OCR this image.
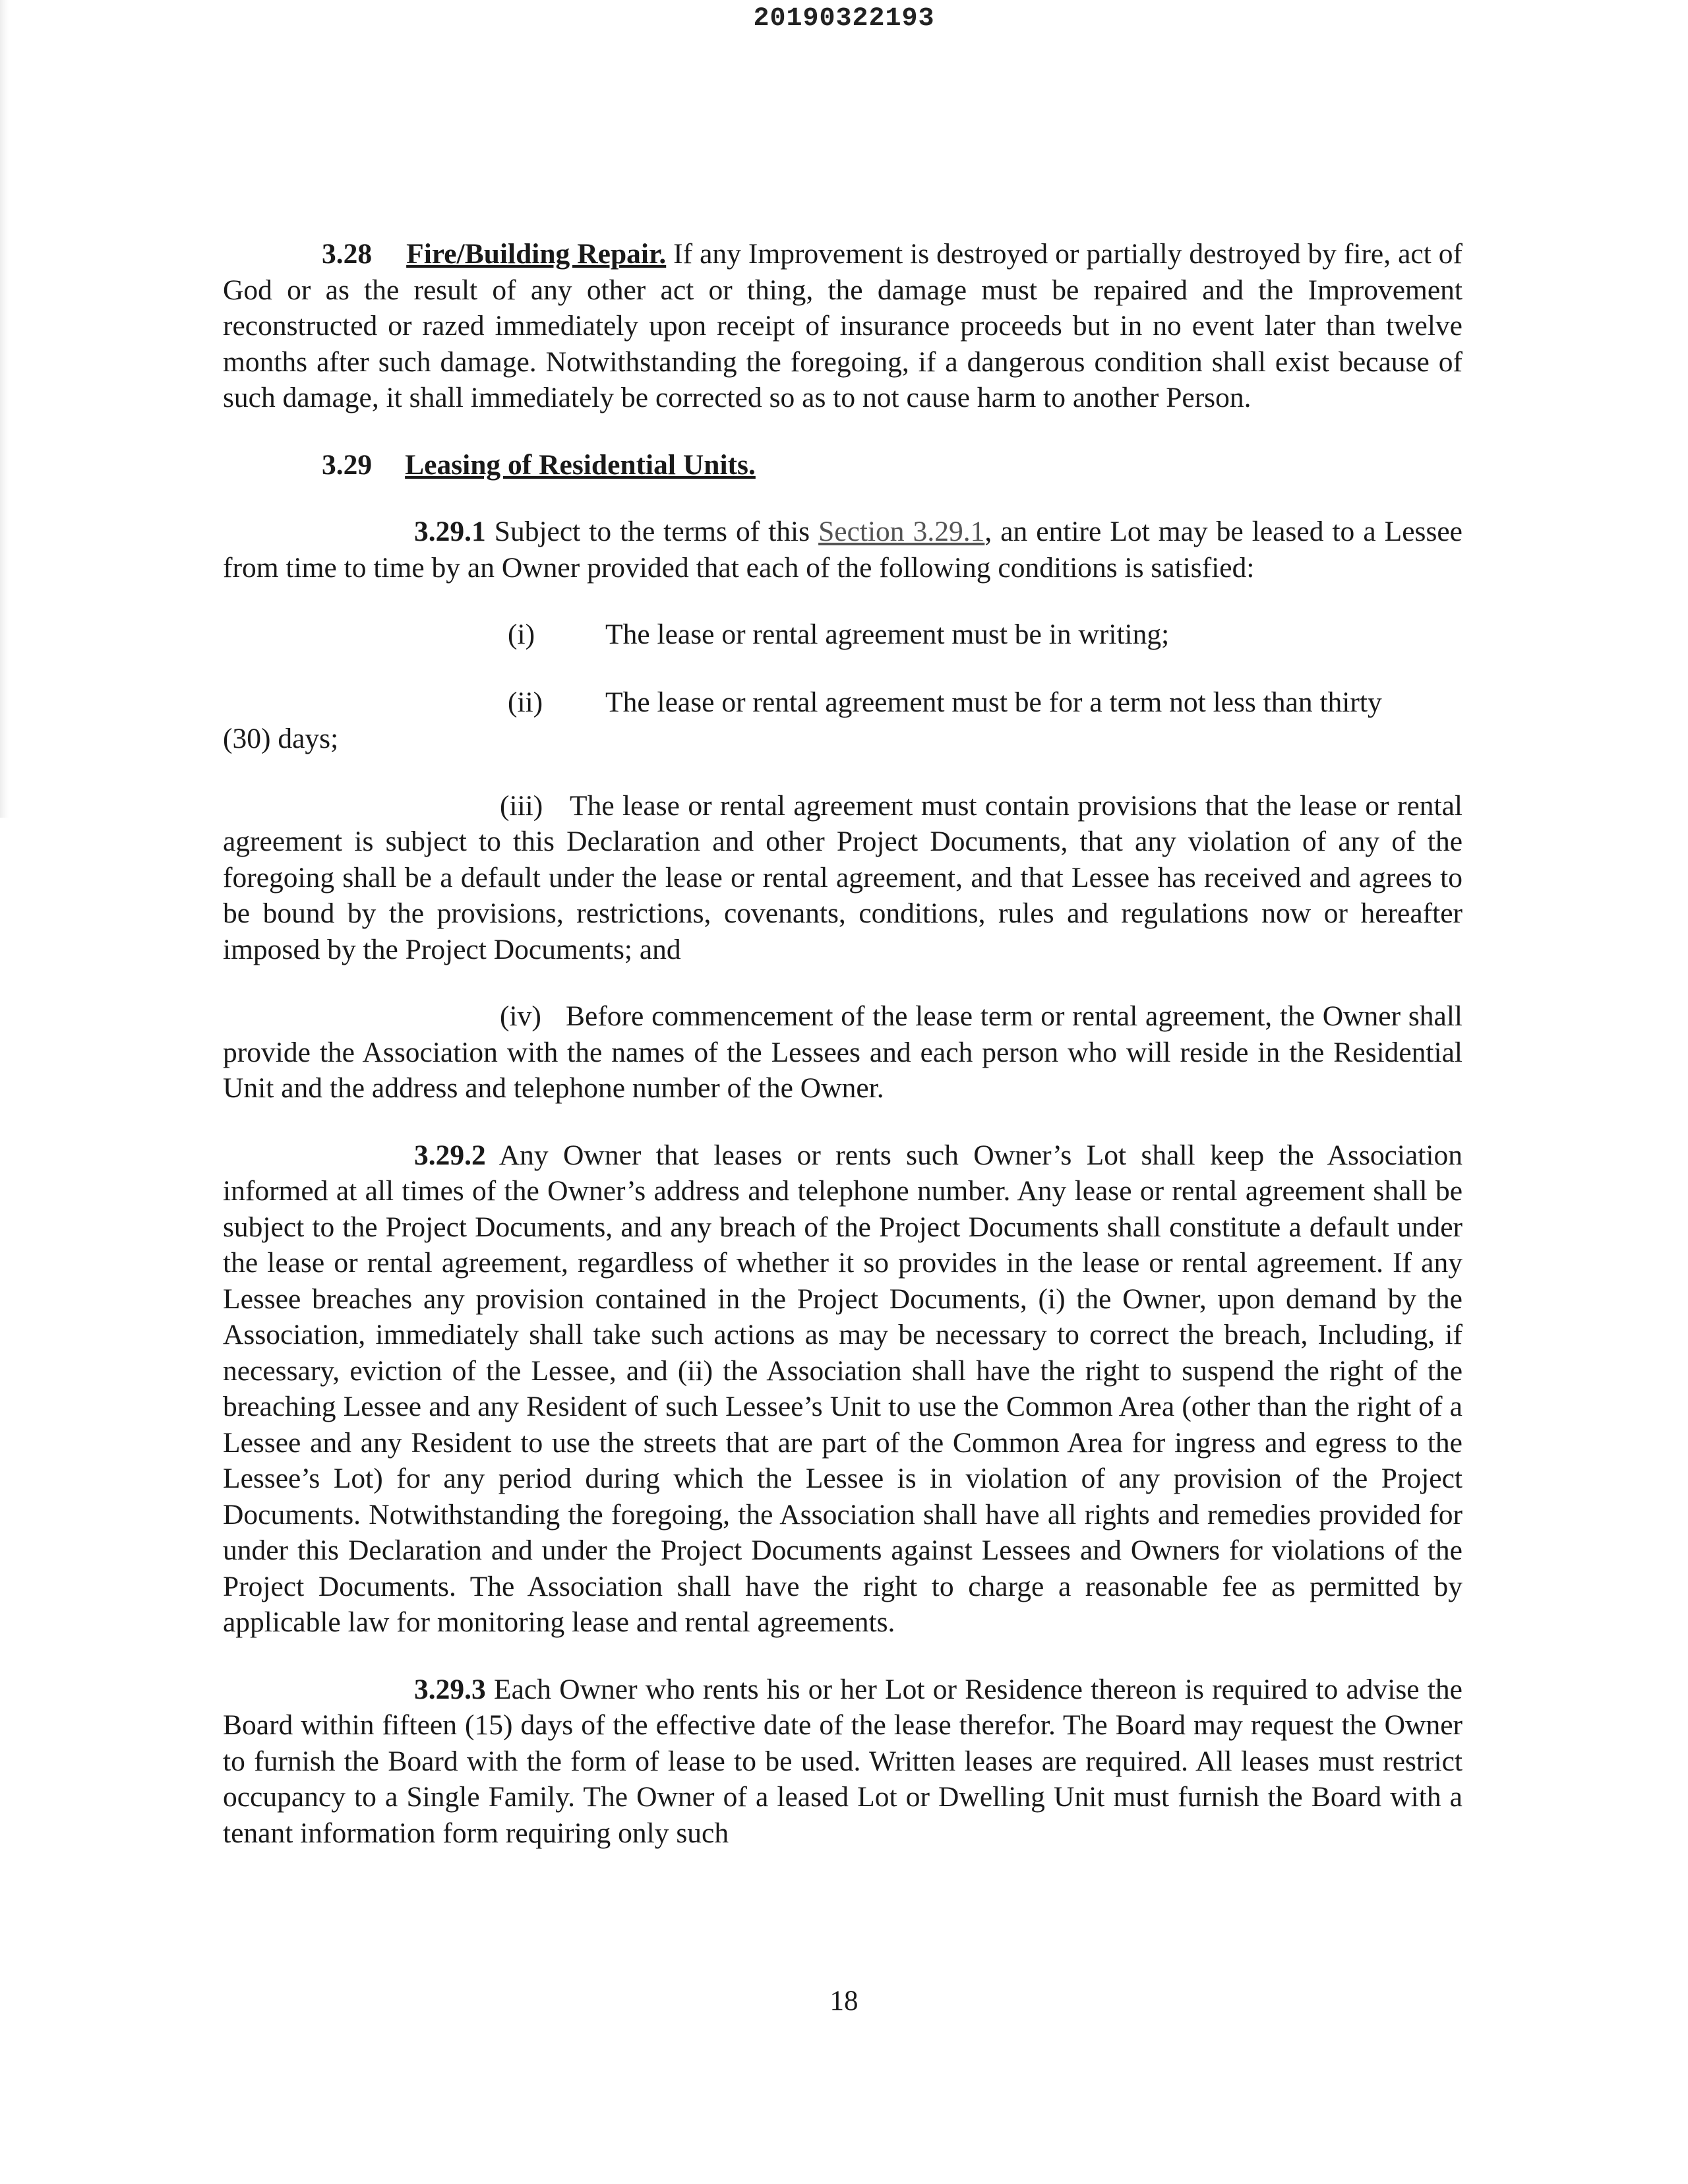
20190322193

3.28 Fire/Building Repair. If any Improvement is destroyed or partially destroyed by fire, act of God or as the result of any other act or thing, the damage must be repaired and the Improvement reconstructed or razed immediately upon receipt of insurance proceeds but in no event later than twelve months after such damage. Notwithstanding the foregoing, if a dangerous condition shall exist because of such damage, it shall immediately be corrected so as to not cause harm to another Person.

3.29 Leasing of Residential Units.

3.29.1 Subject to the terms of this Section 3.29.1, an entire Lot may be leased to a Lessee from time to time by an Owner provided that each of the following conditions is satisfied:

(i) The lease or rental agreement must be in writing;
(ii) The lease or rental agreement must be for a term not less than thirty

(30) days;

(iii) The lease or rental agreement must contain provisions that the lease or rental agreement is subject to this Declaration and other Project Documents, that any violation of any of the foregoing shall be a default under the lease or rental agreement, and that Lessee has received and agrees to be bound by the provisions, restrictions, covenants, conditions, rules and regulations now or hereafter imposed by the Project Documents; and

(iv) Before commencement of the lease term or rental agreement, the Owner shall provide the Association with the names of the Lessees and each person who will reside in the Residential Unit and the address and telephone number of the Owner.

3.29.2 Any Owner that leases or rents such Owner’s Lot shall keep the Association informed at all times of the Owner’s address and telephone number. Any lease or rental agreement shall be subject to the Project Documents, and any breach of the Project Documents shall constitute a default under the lease or rental agreement, regardless of whether it so provides in the lease or rental agreement. If any Lessee breaches any provision contained in the Project Documents, (i) the Owner, upon demand by the Association, immediately shall take such actions as may be necessary to correct the breach, Including, if necessary, eviction of the Lessee, and (ii) the Association shall have the right to suspend the right of the breaching Lessee and any Resident of such Lessee’s Unit to use the Common Area (other than the right of a Lessee and any Resident to use the streets that are part of the Common Area for ingress and egress to the Lessee’s Lot) for any period during which the Lessee is in violation of any provision of the Project Documents. Notwithstanding the foregoing, the Association shall have all rights and remedies provided for under this Declaration and under the Project Documents against Lessees and Owners for violations of the Project Documents. The Association shall have the right to charge a reasonable fee as permitted by applicable law for monitoring lease and rental agreements.

3.29.3 Each Owner who rents his or her Lot or Residence thereon is required to advise the Board within fifteen (15) days of the effective date of the lease therefor. The Board may request the Owner to furnish the Board with the form of lease to be used. Written leases are required. All leases must restrict occupancy to a Single Family. The Owner of a leased Lot or Dwelling Unit must furnish the Board with a tenant information form requiring only such

18
